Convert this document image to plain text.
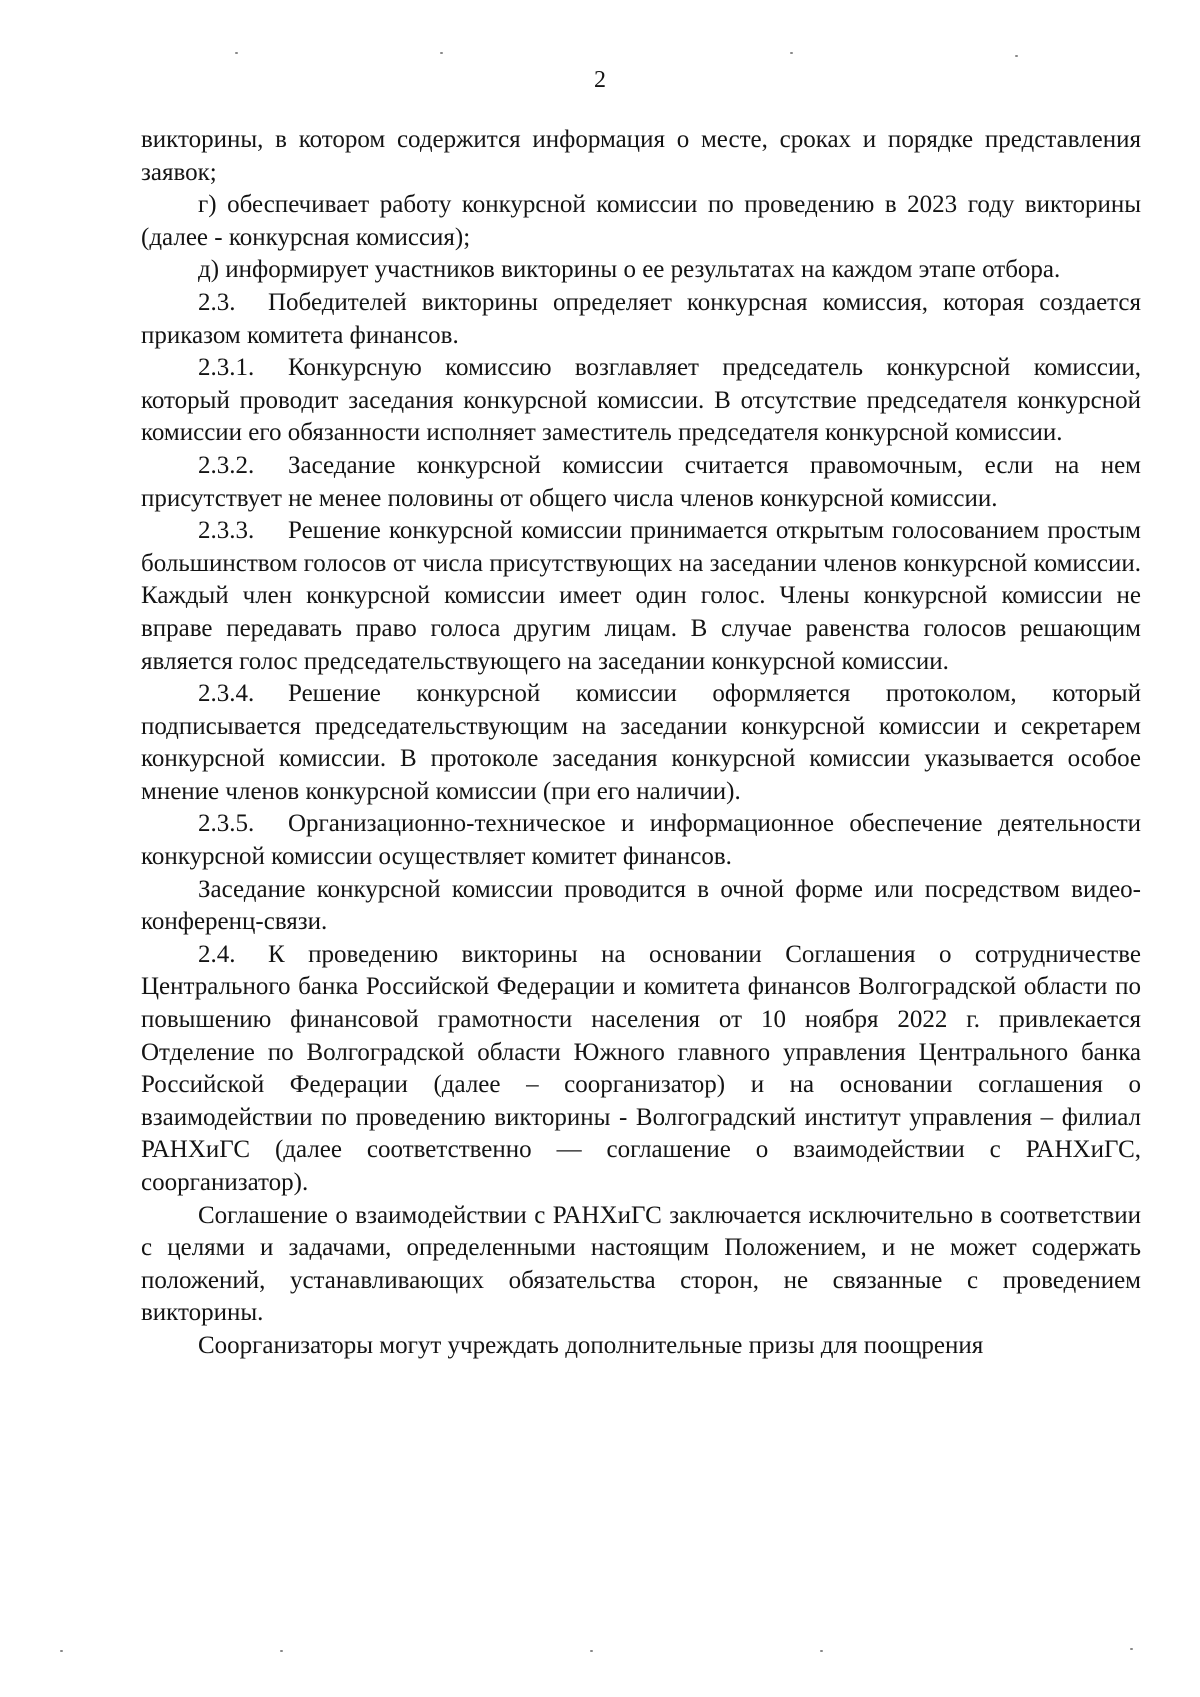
2

викторины, в котором содержится информация о месте, сроках и порядке представления заявок;

г) обеспечивает работу конкурсной комиссии по проведению в 2023 году викторины (далее - конкурсная комиссия);

д) информирует участников викторины о ее результатах на каждом этапе отбора.

2.3. Победителей викторины определяет конкурсная комиссия, которая создается приказом комитета финансов.

2.3.1. Конкурсную комиссию возглавляет председатель конкурсной комиссии, который проводит заседания конкурсной комиссии. В отсутствие председателя конкурсной комиссии его обязанности исполняет заместитель председателя конкурсной комиссии.

2.3.2. Заседание конкурсной комиссии считается правомочным, если на нем присутствует не менее половины от общего числа членов конкурсной комиссии.

2.3.3. Решение конкурсной комиссии принимается открытым голосованием простым большинством голосов от числа присутствующих на заседании членов конкурсной комиссии. Каждый член конкурсной комиссии имеет один голос. Члены конкурсной комиссии не вправе передавать право голоса другим лицам. В случае равенства голосов решающим является голос председательствующего на заседании конкурсной комиссии.

2.3.4. Решение конкурсной комиссии оформляется протоколом, который подписывается председательствующим на заседании конкурсной комиссии и секретарем конкурсной комиссии. В протоколе заседания конкурсной комиссии указывается особое мнение членов конкурсной комиссии (при его наличии).

2.3.5. Организационно-техническое и информационное обеспечение деятельности конкурсной комиссии осуществляет комитет финансов.

Заседание конкурсной комиссии проводится в очной форме или посредством видео-конференц-связи.

2.4. К проведению викторины на основании Соглашения о сотрудничестве Центрального банка Российской Федерации и комитета финансов Волгоградской области по повышению финансовой грамотности населения от 10 ноября 2022 г. привлекается Отделение по Волгоградской области Южного главного управления Центрального банка Российской Федерации (далее – соорганизатор) и на основании соглашения о взаимодействии по проведению викторины - Волгоградский институт управления – филиал РАНХиГС (далее соответственно — соглашение о взаимодействии с РАНХиГС, соорганизатор).

Соглашение о взаимодействии с РАНХиГС заключается исключительно в соответствии с целями и задачами, определенными настоящим Положением, и не может содержать положений, устанавливающих обязательства сторон, не связанные с проведением викторины.

Соорганизаторы могут учреждать дополнительные призы для поощрения
